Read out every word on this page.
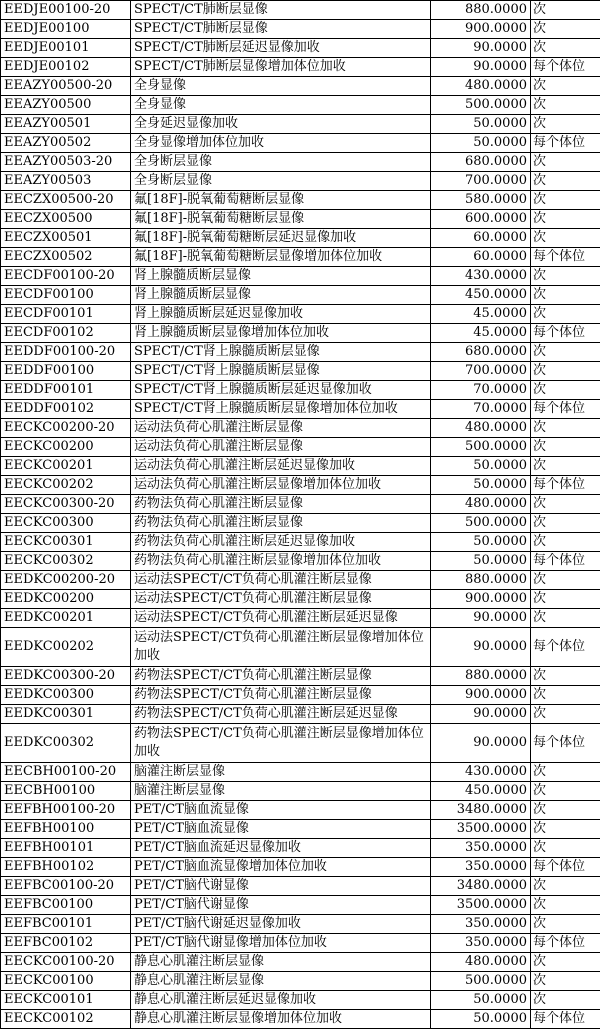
EEDJE00100-20	SPECT/CT肺断层显像	880.0000	次
EEDJE00100	SPECT/CT肺断层显像	900.0000	次
EEDJE00101	SPECT/CT肺断层延迟显像加收	90.0000	次
EEDJE00102	SPECT/CT肺断层显像增加体位加收	90.0000	每个体位
EEAZY00500-20	全身显像	480.0000	次
EEAZY00500	全身显像	500.0000	次
EEAZY00501	全身延迟显像加收	50.0000	次
EEAZY00502	全身显像增加体位加收	50.0000	每个体位
EEAZY00503-20	全身断层显像	680.0000	次
EEAZY00503	全身断层显像	700.0000	次
EECZX00500-20	氟[18F]-脱氧葡萄糖断层显像	580.0000	次
EECZX00500	氟[18F]-脱氧葡萄糖断层显像	600.0000	次
EECZX00501	氟[18F]-脱氧葡萄糖断层延迟显像加收	60.0000	次
EECZX00502	氟[18F]-脱氧葡萄糖断层显像增加体位加收	60.0000	每个体位
EECDF00100-20	肾上腺髓质断层显像	430.0000	次
EECDF00100	肾上腺髓质断层显像	450.0000	次
EECDF00101	肾上腺髓质断层延迟显像加收	45.0000	次
EECDF00102	肾上腺髓质断层显像增加体位加收	45.0000	每个体位
EEDDF00100-20	SPECT/CT肾上腺髓质断层显像	680.0000	次
EEDDF00100	SPECT/CT肾上腺髓质断层显像	700.0000	次
EEDDF00101	SPECT/CT肾上腺髓质断层延迟显像加收	70.0000	次
EEDDF00102	SPECT/CT肾上腺髓质断层显像增加体位加收	70.0000	每个体位
EECKC00200-20	运动法负荷心肌灌注断层显像	480.0000	次
EECKC00200	运动法负荷心肌灌注断层显像	500.0000	次
EECKC00201	运动法负荷心肌灌注断层延迟显像加收	50.0000	次
EECKC00202	运动法负荷心肌灌注断层显像增加体位加收	50.0000	每个体位
EECKC00300-20	药物法负荷心肌灌注断层显像	480.0000	次
EECKC00300	药物法负荷心肌灌注断层显像	500.0000	次
EECKC00301	药物法负荷心肌灌注断层延迟显像加收	50.0000	次
EECKC00302	药物法负荷心肌灌注断层显像增加体位加收	50.0000	每个体位
EEDKC00200-20	运动法SPECT/CT负荷心肌灌注断层显像	880.0000	次
EEDKC00200	运动法SPECT/CT负荷心肌灌注断层显像	900.0000	次
EEDKC00201	运动法SPECT/CT负荷心肌灌注断层延迟显像	90.0000	次
EEDKC00202	运动法SPECT/CT负荷心肌灌注断层显像增加体位加收	90.0000	每个体位
EEDKC00300-20	药物法SPECT/CT负荷心肌灌注断层显像	880.0000	次
EEDKC00300	药物法SPECT/CT负荷心肌灌注断层显像	900.0000	次
EEDKC00301	药物法SPECT/CT负荷心肌灌注断层延迟显像	90.0000	次
EEDKC00302	药物法SPECT/CT负荷心肌灌注断层显像增加体位加收	90.0000	每个体位
EECBH00100-20	脑灌注断层显像	430.0000	次
EECBH00100	脑灌注断层显像	450.0000	次
EEFBH00100-20	PET/CT脑血流显像	3480.0000	次
EEFBH00100	PET/CT脑血流显像	3500.0000	次
EEFBH00101	PET/CT脑血流延迟显像加收	350.0000	次
EEFBH00102	PET/CT脑血流显像增加体位加收	350.0000	每个体位
EEFBC00100-20	PET/CT脑代谢显像	3480.0000	次
EEFBC00100	PET/CT脑代谢显像	3500.0000	次
EEFBC00101	PET/CT脑代谢延迟显像加收	350.0000	次
EEFBC00102	PET/CT脑代谢显像增加体位加收	350.0000	每个体位
EECKC00100-20	静息心肌灌注断层显像	480.0000	次
EECKC00100	静息心肌灌注断层显像	500.0000	次
EECKC00101	静息心肌灌注断层延迟显像加收	50.0000	次
EECKC00102	静息心肌灌注断层显像增加体位加收	50.0000	每个体位
